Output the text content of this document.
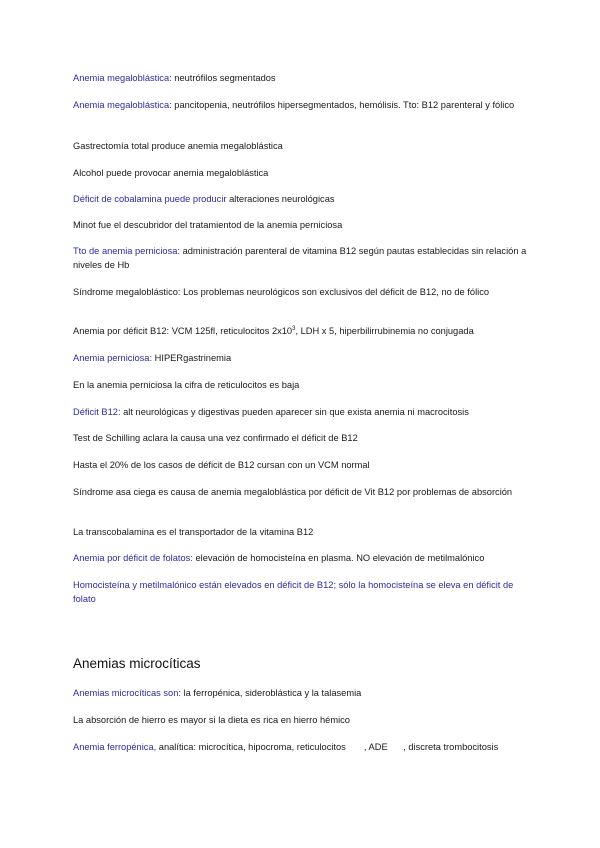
Anemia megaloblástica: neutrófilos segmentados

Anemia megaloblástica: pancitopenia, neutrófilos hipersegmentados, hemólisis. Tto: B12 parenteral y fólico

Gastrectomía total produce anemia megaloblástica

Alcohol puede provocar anemia megaloblástica

Déficit de cobalamina puede producir alteraciones neurológicas

Minot fue el descubridor del tratamientod de la anemia perniciosa

Tto de anemia perniciosa: administración parenteral de vitamina B12 según pautas establecidas sin relación a niveles de Hb

Síndrome megaloblástico: Los problemas neurológicos son exclusivos del déficit de B12, no de fólico

Anemia por déficit B12: VCM 125fl, reticulocitos $2x10^3$, LDH x 5, hiperbilirrubinemia no conjugada

Anemia perniciosa: HIPERgastrinemia

En la anemia perniciosa la cifra de reticulocitos es baja

Déficit B12: alt neurológicas y digestivas pueden aparecer sin que exista anemia ni macrocitosis

Test de Schilling aclara la causa una vez confirmado el déficit de B12

Hasta el 20% de los casos de déficit de B12 cursan con un VCM normal

Síndrome asa ciega es causa de anemia megaloblástica por déficit de Vit B12 por problemas de absorción

La transcobalamina es el transportador de la vitamina B12

Anemia por déficit de folatos: elevación de homocisteína en plasma. NO elevación de metilmalónico

Homocisteína y metilmalónico están elevados en déficit de B12; sólo la homocisteína se eleva en déficit de folato

Anemias microcíticas

Anemias microcíticas son: la ferropénica, sideroblástica y la talasemia

La absorción de hierro es mayor si la dieta es rica en hierro hémico

Anemia ferropénica, analítica: microcítica, hipocroma, reticulocitos       , ADE      , discreta trombocitosis
